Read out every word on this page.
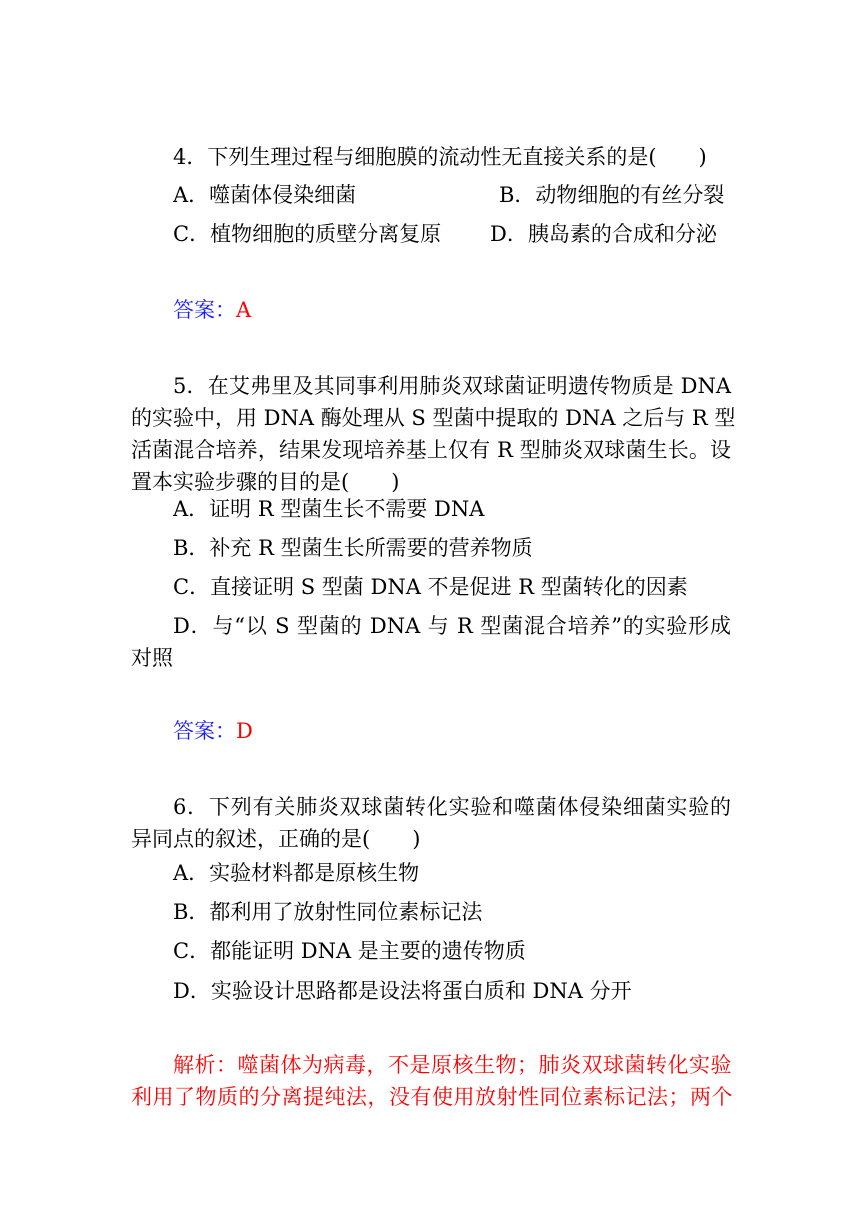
4．下列生理过程与细胞膜的流动性无直接关系的是(　　)
A．噬菌体侵染细菌	B．动物细胞的有丝分裂
C．植物细胞的质壁分离复原 D．胰岛素的合成和分泌
答案：A
5．在艾弗里及其同事利用肺炎双球菌证明遗传物质是 DNA
的实验中，用 DNA 酶处理从 S 型菌中提取的 DNA 之后与 R 型
活菌混合培养，结果发现培养基上仅有 R 型肺炎双球菌生长。设
置本实验步骤的目的是(　　)
A．证明 R 型菌生长不需要 DNA
B．补充 R 型菌生长所需要的营养物质
C．直接证明 S 型菌 DNA 不是促进 R 型菌转化的因素
D．与“以 S 型菌的 DNA 与 R 型菌混合培养”的实验形成
对照
答案：D
6．下列有关肺炎双球菌转化实验和噬菌体侵染细菌实验的
异同点的叙述，正确的是(　　)
A．实验材料都是原核生物
B．都利用了放射性同位素标记法
C．都能证明 DNA 是主要的遗传物质
D．实验设计思路都是设法将蛋白质和 DNA 分开
解析：噬菌体为病毒，不是原核生物；肺炎双球菌转化实验
利用了物质的分离提纯法，没有使用放射性同位素标记法；两个
